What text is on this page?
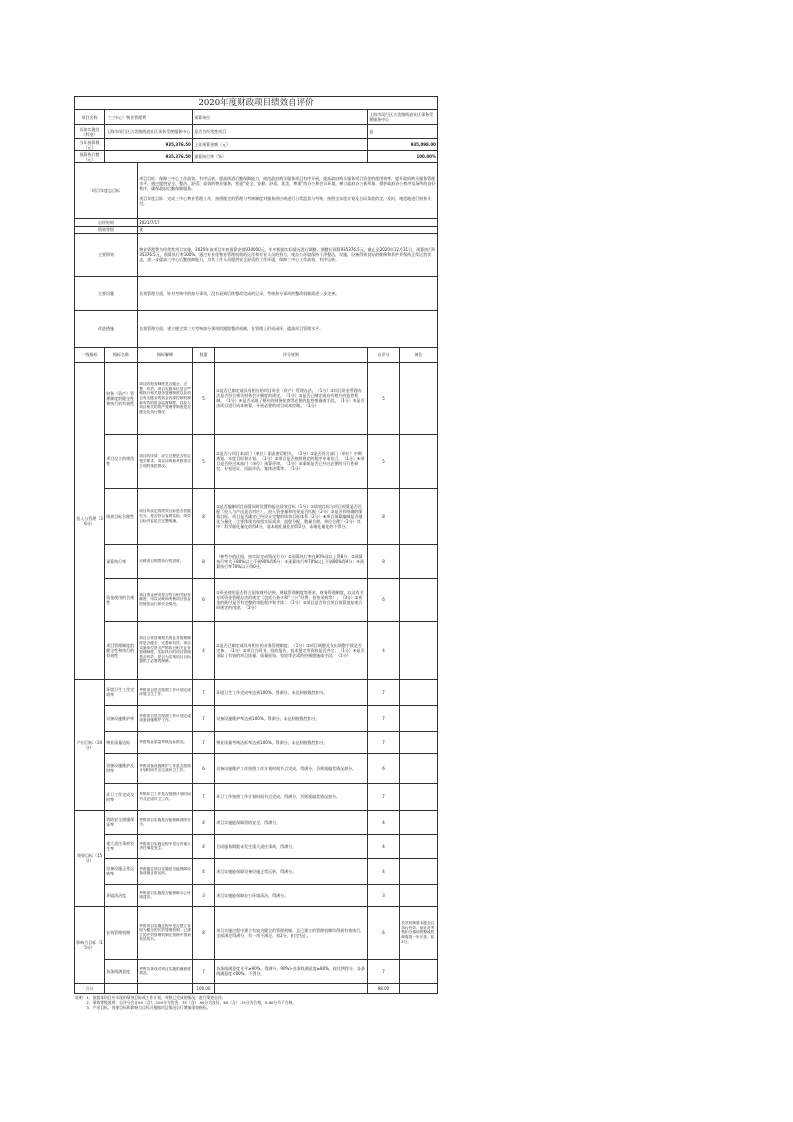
2020年度财政项目绩效自评价						
项目名称	（三中心）物业管理费		预算单位		上海市闵行区古美路街道社区事务受理服务中心	
具体实施处（科室）	上海市闵行区古美路街道社区事务受理服务中心		是否为经常性项目		是	
当年预算数（元）	935,376.50		上年预算金额（元）		935,098.00	
预算执行数（元）	935,376.50		预算执行率（%）		100.00%	
项目年度总目标		项目目标：保障三中心工作高效、有序运转，提高街道后勤保障能力，规范政府购买服务项目有序开展，提高政府购买服务项目资金的使用效率，提升政府购买服务管理水平。通过提供安全、整洁、舒适、高效的物业服务，营造“安全、安静、舒适、优美、尊重”的办公和会议环境，树立政府办公新形象，维护政府办公秩序及场所的良好秩序，确保政府后勤保障服务。

项目年度目标：完成三中心物业管理工作，按照既定的管理与考核制度对服务供应商进行日常监督与考核，按照全年度计划及合同条款约定，及时、规范地进行财务支付。				
自评时间		2021/7/17				
绩效等级		优				
主要绩效		物业管理费为经常性项目实施，2020年该项目年初预算安排930000元，年中根据实际情况进行调整，调整后预算935376.5元，截止至2020年12月31日，预算执行935376.5元，预算执行率100%。通过专业化物业管理机构的运作和专业人员的努力，使办公环境保持干净整洁，设施、设备得到良好的维修和养护并保持正常运营状态，进一步提高三中心后勤保障能力，为其工作人员提供安全舒适的工作环境，保障三中心工作高效、有序运转。				
主要问题		长效管理方面，针对考核中的扣分事项，没有看到后续整改完成的记录，考核扣分事项的整改机制需进一步完善。				
改进措施		长效管理方面，建立健全第三方考核扣分事项的跟踪整改机制，在管理上形成闭环，提高项目管理水平。				
一级指标	指标名称	指标解释	权重	评分规则	自评分	备注
投入与管理（36分）	财务（资产）管理制度的健全性和执行的有效性	项目的财务制度是否健全、完整、有效，项目实施单位是否严格执行相关财务管理制度以及项目有无健全的资金内部控制机制和有效的资金监督制度，以及与项目相关的资产管理等制度是否健全及执行情况	5	①是否已制定或具有相应的项目资金（资产）管理办法。（1分）②项目资金管理办法是否符合相关财务会计制度的规定。（1分）③是否已制定或具有相应的监控机制。（1分）④是否采取了相应的财务检查等必要的监控措施或手段。（1分）⑤是否由项目进行成本核算，开展必要的项目成本控制。（1分）	5	
	项目设立的规范性	项目的申请、设立过程是否符合相关要求，用以反映和考核项目立项的规范情况。	5	①是否与项目本部门（单位）职责密切相关。（1分）②是否符合部门（单位）中期规划、年度目标和计划。（1分）③项目是否按照规定的程序申请设立。（1分）④项目是否经过本部门（单位）预算评审。（1分）⑤事前是否已经过必要的可行性研究、专家论证、风险评估、集体决策等。（1分）	5	
	绩效目标合理性	项目所设定的绩效目标是否依据充分，是否符合客观实际，绩效目标内容是否完整明确。	8	①是否编制项目预算同时设置和报送绩效目标（1分）②绩效目标与项目预算是否匹配（投入与产出是否对应），投入资金量和结果是否匹配（2分）③是否有明确的绩效目标，项目是否确定已经设计完整的绩效目标体系（2分）④项目预算编制是否细化与量化（主要体现为按照实际需求、流程分配、数量合理、单位合理）（2分）其中：科学细化量化的得4分，基本细化量化的得2分，未细化量化的不得分。	8	
	预算执行率	反映项目预算执行的进度。	8	（参考分值区间，按实际完成情况打分）①预算执行率在90%及以上得8分；②预算执行率大于80%以上不到90%得6分；③预算执行率70%以上不到80%得4分；④预算执行率70%以下得0分。	8	
	资金使用的合规性	项目资金使用是否符合相关财务制度，用以反映和考核项目资金的规范运行和安全情况。	6	①资金使用是否符合国家财经法规、财政管理制度等要求，财务管理制度，以及有关专项资金管理办法的规定（包括公务卡和“三公”经费、招待采购等）；（3分）②资金的拨付是否有完整的审批程序和手续；（2分）③项目是否符合项目预算批复或合同规定的用途。（2分）	6	
	项目管理制度的健全性和执行的有效性	项目日常管理相关的业务管理制度是否健全、完善和有效，项目实施单位是否严格执行相关业务管理制度，实际执行的项目管理是否有效，是否为实现项目目标提供了必要的保障。	4	①是否已制定或具有相应的业务管理制度；（1分）②项目调整及支出调整手续是否完备；（1分）③项目合同书、验收报告、技术鉴定等资料是否齐全；（1分）④是否采取了有效的项目质量、质量检验、验收等必需的控制措施或手段。（1分）	4	
产出目标（34分）	环境卫生工作完成率	考察项目是否按照工作计划完成环境卫生工作。	7	环境卫生工作完成率达到100%，得满分，未达到按践性扣分。	7	
	设备设施维护率	考察项目是否按照工作计划完成设备设施维护工作。	7	设备设施维护率达到100%，得满分，未达到按践性扣分。	7	
	物业质量达标	考察物业质量考核达标情况。	7	物业质量考核达标率达到100%，得满分，未达到按践性扣分。	7	
	设备设施维护及时率	考察设备设施维护工作是否按照计划时间节点完成环卫工作。	6	设备设施维护工作按照工作计划时间节点完成，得满分，否则视偏差情况扣分。	6	
	环卫工作完成及时率	考察环卫工作是否按照计划时间节点完成环卫工作。	7	环卫工作按照工作计划时间节点完成，得满分，否则视偏差情况扣分。	7	
效果目标（15分）	消防安全措施保证率	考察项目实施是否能保障消防安全。	4	项目实施能保障消防安全，得满分。	4	
	重大责任事故发生率	考察项目实施过程中是否有重大责任事故发生。	4	合同服务期限未发生重大责任事故，得满分。	4	
	设备设施正常运转率	考察通过项目实施是否能保障设备设施正常运转。	4	项目实施能保障设备设施正常运转，得满分。	4	
	环境清洁度	考察项目实施是否能保障办公环境清洁。	3	项目实施能保障办公环境清洁，得满分。	3	
影响力目标（15分）	长效管理机制	考察项目实施过程中是否建立有较为健全的长效管理机制，已建立的长效管理机制在管理中得到有效执行。	8	项目实施过程中建立有较为健全的管理机制，且已建立的管理机制均得到有效执行，全部满足得满分，有一项不满足，扣2分，扣完为止。	6	长效机制基本健全且执行有效，但针对考核扣分事项的整改机制需进一步完善，扣2分。
	各条线满意度	考察各条线对项目实施的满意度情况。	7	各条线满意度水平≥90%，得满分，90%>各条线满意度≥80%，按比例得分，各条线满意度<80%，不得分。	7	
合计			100.00		98.00	
说明：1、依据本项目应实现的绩效目标或工作计划，对照已完成的情况，进行绩效自评。
　　　2、绩效等级说明：自评分合计90（含）-100分为优秀，75（含）-90分为良好，60（含）-75分为合格，0-60分为不合格。
　　　3、产出目标、效果目标和影响力目标可根据项目情况自行增加绩效指标。
